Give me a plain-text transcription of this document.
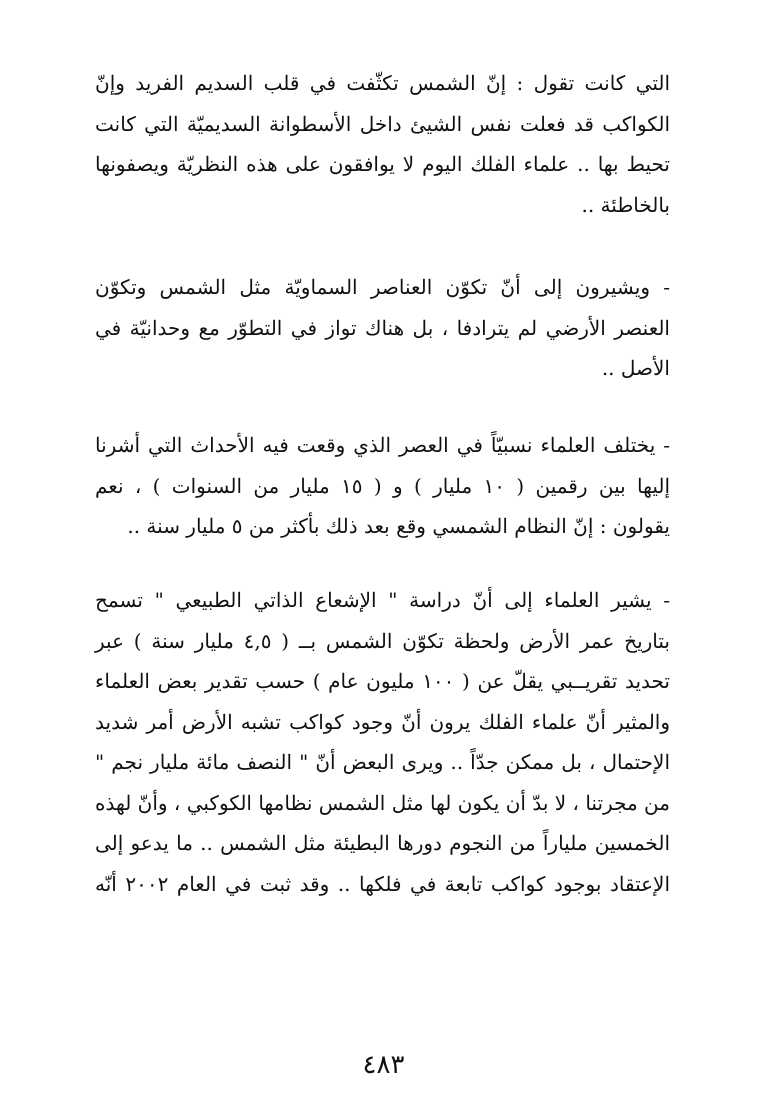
التي كانت تقول : إنّ الشمس تكثّفت في قلب السديم الفريد وإنّ
الكواكب قد فعلت نفس الشيئ داخل الأسطوانة السديميّة التي كانت
تحيط بها .. علماء الفلك اليوم لا يوافقون على هذه النظريّة ويصفونها
بالخاطئة ..
- ويشيرون إلى أنّ تكوّن العناصر السماويّة مثل الشمس وتكوّن
العنصر الأرضي لم يترادفا ، بل هناك تواز في التطوّر مع وحدانيّة في
الأصل ..
- يختلف العلماء نسبيّاً في العصر الذي وقعت فيه الأحداث التي أشرنا
إليها بين رقمين ( ١٠ مليار ) و ( ١٥ مليار من السنوات ) ، نعم
يقولون : إنّ النظام الشمسي وقع بعد ذلك بأكثر من ٥ مليار سنة ..
- يشير العلماء إلى أنّ دراسة " الإشعاع الذاتي الطبيعي " تسمح
بتاريخ عمر الأرض ولحظة تكوّن الشمس بــ ( ٤,٥ مليار سنة ) عبر
تحديد تقريــبي يقلّ عن ( ١٠٠ مليون عام ) حسب تقدير بعض العلماء
والمثير أنّ علماء الفلك يرون أنّ وجود كواكب تشبه الأرض أمر شديد
الإحتمال ، بل ممكن جدّاً .. ويرى البعض أنّ " النصف مائة مليار نجم "
من مجرتنا ، لا بدّ أن يكون لها مثل الشمس نظامها الكوكبي ، وأنّ لهذه
الخمسين ملياراً من النجوم دورها البطيئة مثل الشمس .. ما يدعو إلى
الإعتقاد بوجود كواكب تابعة في فلكها .. وقد ثبت في العام ٢٠٠٢ أنّه
٤٨٣
